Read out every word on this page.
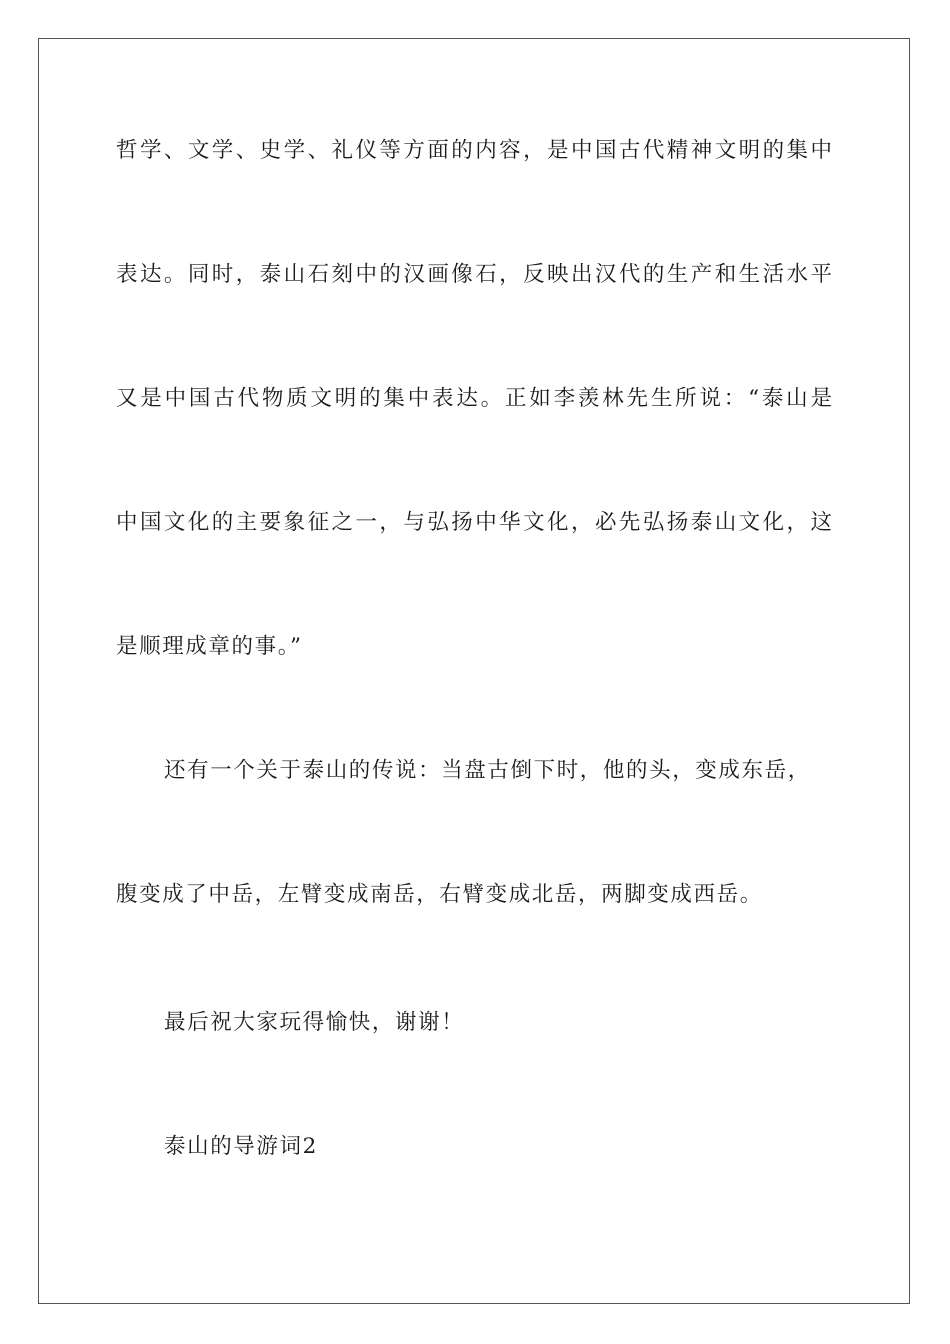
哲学、文学、史学、礼仪等方面的内容，是中国古代精神文明的集中
表达。同时，泰山石刻中的汉画像石，反映出汉代的生产和生活水平
又是中国古代物质文明的集中表达。正如李羡林先生所说：“泰山是
中国文化的主要象征之一，与弘扬中华文化，必先弘扬泰山文化，这
是顺理成章的事。”
还有一个关于泰山的传说：当盘古倒下时，他的头，变成东岳，
腹变成了中岳，左臂变成南岳，右臂变成北岳，两脚变成西岳。
最后祝大家玩得愉快，谢谢！
泰山的导游词2
